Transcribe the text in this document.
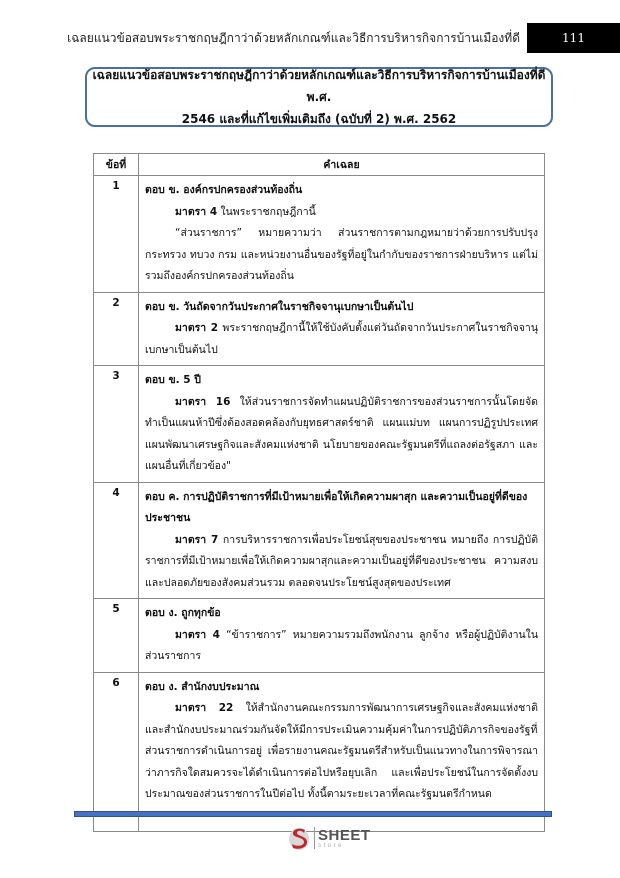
เฉลยแนวข้อสอบพระราชกฤษฎีกาว่าด้วยหลักเกณฑ์และวิธีการบริหารกิจการบ้านเมืองที่ดี	111
เฉลยแนวข้อสอบพระราชกฤษฎีกาว่าด้วยหลักเกณฑ์และวิธีการบริหารกิจการบ้านเมืองที่ดี พ.ศ.
2546 และที่แก้ไขเพิ่มเติมถึง (ฉบับที่ 2) พ.ศ. 2562
ข้อที่	คำเฉลย
1	ตอบ ข. องค์กรปกครองส่วนท้องถิ่น
มาตรา 4 ในพระราชกฤษฎีกานี้
“ส่วนราชการ” หมายความว่า ส่วนราชการตามกฎหมายว่าด้วยการปรับปรุงกระทรวง ทบวง กรม และหน่วยงานอื่นของรัฐที่อยู่ในกำกับของราชการฝ่ายบริหาร แต่ไม่รวมถึงองค์กรปกครองส่วนท้องถิ่น

2	ตอบ ข. วันถัดจากวันประกาศในราชกิจจานุเบกษาเป็นต้นไป
มาตรา 2 พระราชกฤษฎีกานี้ให้ใช้บังคับตั้งแต่วันถัดจากวันประกาศในราชกิจจานุเบกษาเป็นต้นไป

3	ตอบ ข. 5 ปี
มาตรา 16 ให้ส่วนราชการจัดทำแผนปฏิบัติราชการของส่วนราชการนั้นโดยจัดทำเป็นแผนห้าปีซึ่งต้องสอดคล้องกับยุทธศาสตร์ชาติ แผนแม่บท แผนการปฏิรูปประเทศ แผนพัฒนาเศรษฐกิจและสังคมแห่งชาติ นโยบายของคณะรัฐมนตรีที่แถลงต่อรัฐสภา และแผนอื่นที่เกี่ยวข้อง"

4	ตอบ ค. การปฏิบัติราชการที่มีเป้าหมายเพื่อให้เกิดความผาสุก และความเป็นอยู่ที่ดีของประชาชน
มาตรา 7 การบริหารราชการเพื่อประโยชน์สุขของประชาชน หมายถึง การปฏิบัติราชการที่มีเป้าหมายเพื่อให้เกิดความผาสุกและความเป็นอยู่ที่ดีของประชาชน ความสงบและปลอดภัยของสังคมส่วนรวม ตลอดจนประโยชน์สูงสุดของประเทศ

5	ตอบ ง. ถูกทุกข้อ
มาตรา 4 “ข้าราชการ” หมายความรวมถึงพนักงาน ลูกจ้าง หรือผู้ปฏิบัติงานในส่วนราชการ

6	ตอบ ง. สำนักงบประมาณ
มาตรา 22 ให้สำนักงานคณะกรรมการพัฒนาการเศรษฐกิจและสังคมแห่งชาติ และสำนักงบประมาณร่วมกันจัดให้มีการประเมินความคุ้มค่าในการปฏิบัติภารกิจของรัฐที่ส่วนราชการดำเนินการอยู่ เพื่อรายงานคณะรัฐมนตรีสำหรับเป็นแนวทางในการพิจารณาว่าภารกิจใดสมควรจะได้ดำเนินการต่อไปหรือยุบเลิก และเพื่อประโยชน์ในการจัดตั้งงบประมาณของส่วนราชการในปีต่อไป ทั้งนี้ตามระยะเวลาที่คณะรัฐมนตรีกำหนด
SHEET
store
